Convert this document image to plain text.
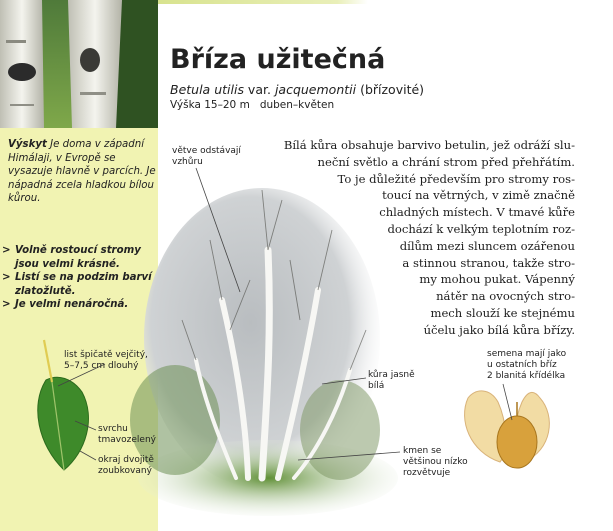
Bříza užitečná
Betula utilis var. jacquemontii (břízovité)
Výška 15–20 m duben–květen
Výskyt Je doma v západní Himálaji, v Evropě se vysazuje hlavně v parcích. Je nápadná zcela hladkou bílou kůrou.
> Volně rostoucí stromy jsou velmi krásné.
> Listí se na podzim barví zlatožlutě.
> Je velmi nenáročná.
Bílá kůra obsahuje barvivo betulin, jež odráží slu-
neční světlo a chrání strom před přehřátím.
To je důležité především pro stromy ros-
toucí na větrných, v zimě značně
chladných místech. V tmavé kůře
dochází k velkým teplotním roz-
dílům mezi sluncem ozářenou
a stinnou stranou, takže stro-
my mohou pukat. Vápenný
nátěr na ovocných stro-
mech slouží ke stejnému
účelu jako bílá kůra břízy.
větve odstávají
vzhůru
list špičatě vejčitý,
5–7,5 cm dlouhý
svrchu
tmavozelený
okraj dvojitě
zoubkovaný
kůra jasně
bílá
kmen se
většinou nízko
rozvětvuje
semena mají jako
u ostatních bříz
2 blanitá křídélka
